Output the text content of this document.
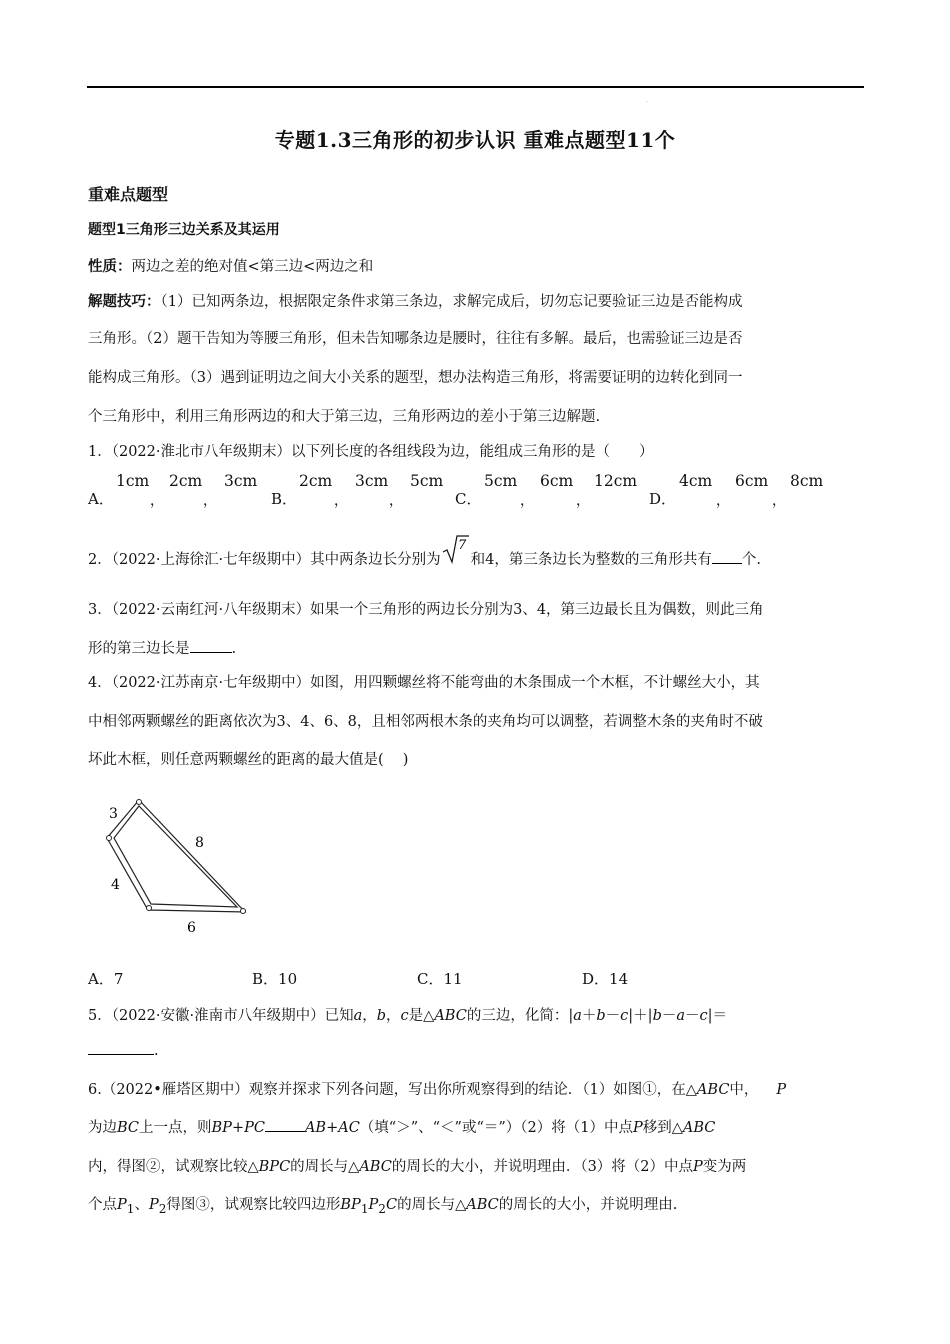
.
专题1.3三角形的初步认识 重难点题型11个
重难点题型
题型1三角形三边关系及其运用
性质：两边之差的绝对值<第三边<两边之和
解题技巧：（1）已知两条边，根据限定条件求第三条边，求解完成后，切勿忘记要验证三边是否能构成
三角形。（2）题干告知为等腰三角形，但未告知哪条边是腰时，往往有多解。最后，也需验证三边是否
能构成三角形。（3）遇到证明边之间大小关系的题型，想办法构造三角形，将需要证明的边转化到同一
个三角形中，利用三角形两边的和大于第三边，三角形两边的差小于第三边解题.
1．（2022·淮北市八年级期末）以下列长度的各组线段为边，能组成三角形的是（　　）
A．
1cm
，
2cm
，
3cm
B．
2cm
，
3cm
，
5cm
C．
5cm
，
6cm
，
12cm
D．
4cm
，
6cm
，
8cm
2．（2022·上海徐汇·七年级期中）其中两条边长分别为
7
和4，第三条边长为整数的三角形共有 个.
3．（2022·云南红河·八年级期末）如果一个三角形的两边长分别为3、4，第三边最长且为偶数，则此三角
形的第三边长是	.
4．（2022·江苏南京·七年级期中）如图，用四颗螺丝将不能弯曲的木条围成一个木框，不计螺丝大小，其
中相邻两颗螺丝的距离依次为3、4、6、8，且相邻两根木条的夹角均可以调整，若调整木条的夹角时不破
坏此木框，则任意两颗螺丝的距离的最大值是(　 )
3
8
4
6
A．7	B．10	C．11	D．14
5．（2022·安徽·淮南市八年级期中）已知a，b，c是△ABC的三边，化简：|a＋b－c|＋|b－a－c|＝
.
6.（2022•雁塔区期中）观察并探求下列各问题，写出你所观察得到的结论．（1）如图①，在△ABC中， P
为边BC上一点，则BP+PC	AB+AC（填“＞”、“＜”或“＝”）（2）将（1）中点P移到△ABC
内，得图②，试观察比较△BPC的周长与△ABC的周长的大小，并说明理由．（3）将（2）中点P变为两
个点$P_1$、$P_2$得图③，试观察比较四边形$BP_1P_2C$的周长与△ABC的周长的大小，并说明理由.
